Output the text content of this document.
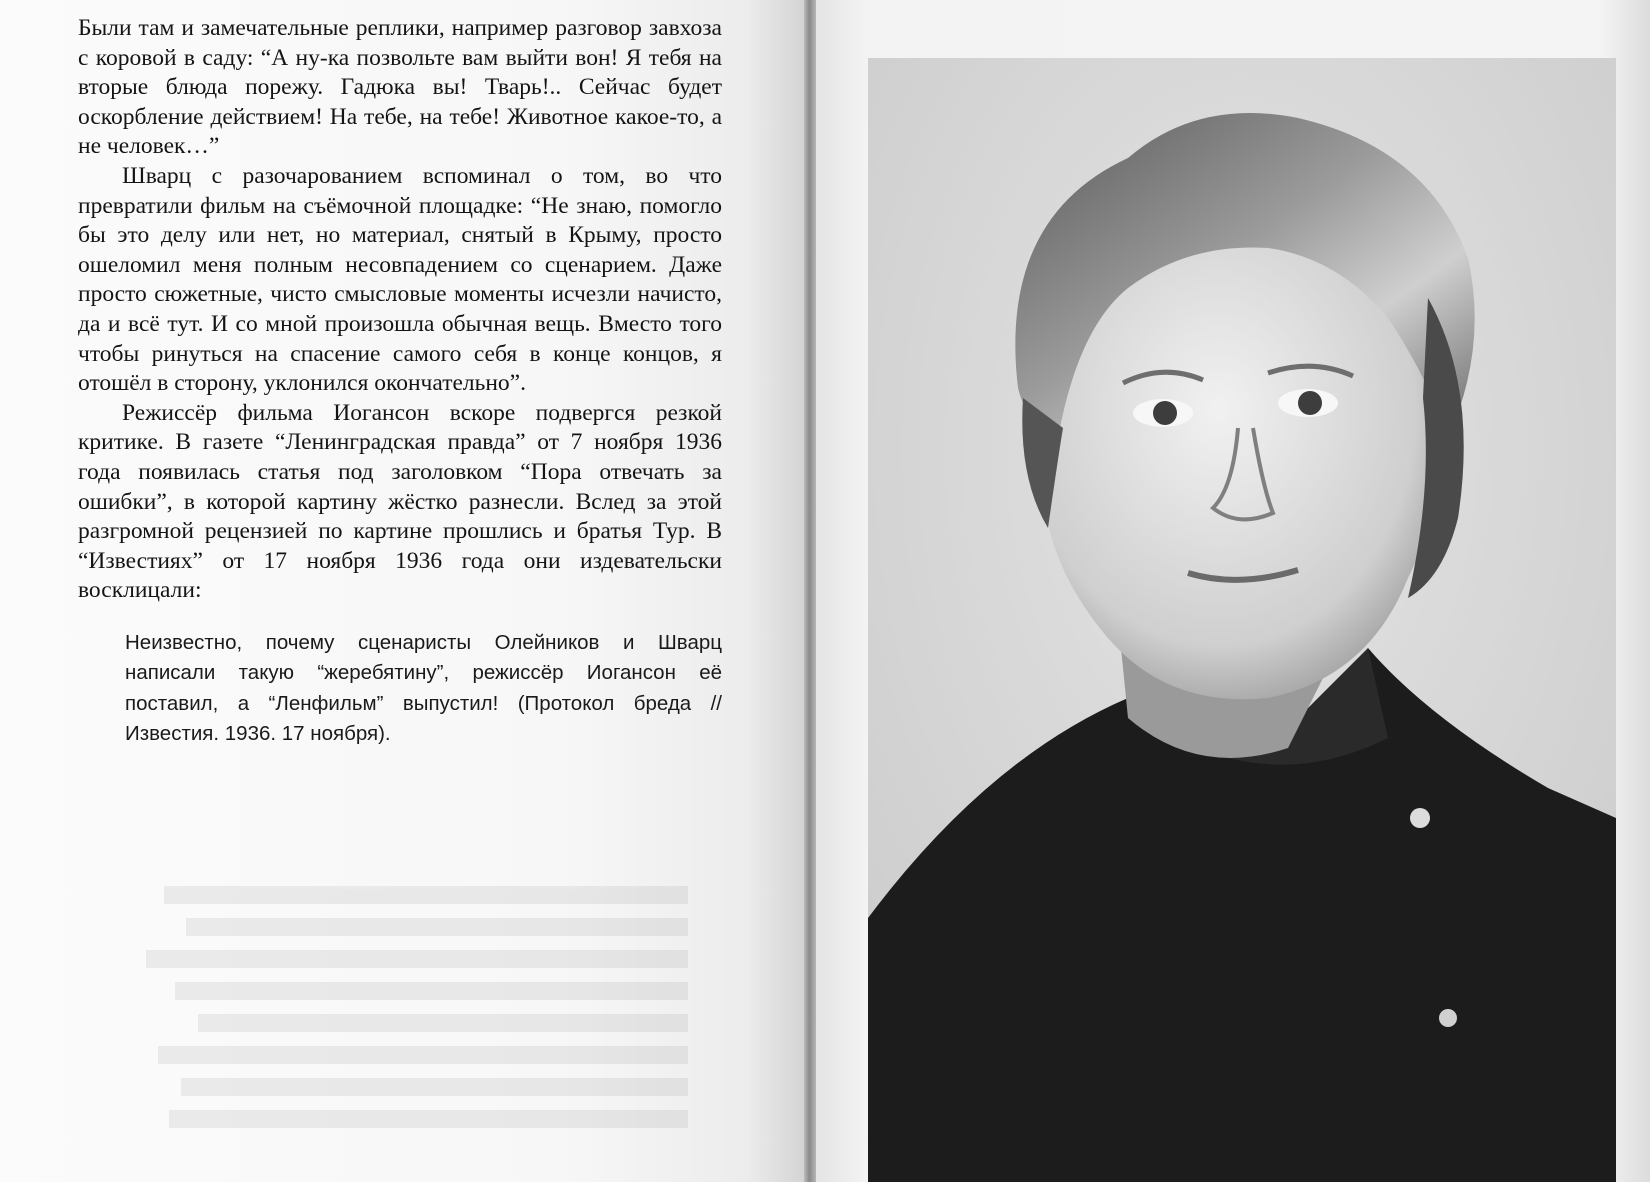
Были там и замечательные реплики, например разговор завхоза с коровой в саду: “А ну-ка позвольте вам выйти вон! Я тебя на вторые блюда порежу. Гадюка вы! Тварь!.. Сейчас будет оскорбление действием! На тебе, на тебе! Животное какое-то, а не человек…”

Шварц с разочарованием вспоминал о том, во что превратили фильм на съёмочной площадке: “Не знаю, помогло бы это делу или нет, но материал, снятый в Крыму, просто ошеломил меня полным несовпадением со сценарием. Даже просто сюжетные, чисто смысловые моменты исчезли начисто, да и всё тут. И со мной произошла обычная вещь. Вместо того чтобы ринуться на спасение самого себя в конце концов, я отошёл в сторону, уклонился окончательно”.

Режиссёр фильма Иогансон вскоре подвергся резкой критике. В газете “Ленинградская правда” от 7 ноября 1936 года появилась статья под заголовком “Пора отвечать за ошибки”, в которой картину жёстко разнесли. Вслед за этой разгромной рецензией по картине прошлись и братья Тур. В “Известиях” от 17 ноября 1936 года они издевательски восклицали:

Неизвестно, почему сценаристы Олейников и Шварц написали такую “жеребятину”, режиссёр Иогансон её поставил, а “Ленфильм” выпустил! (Протокол бреда // Известия. 1936. 17 ноября).
